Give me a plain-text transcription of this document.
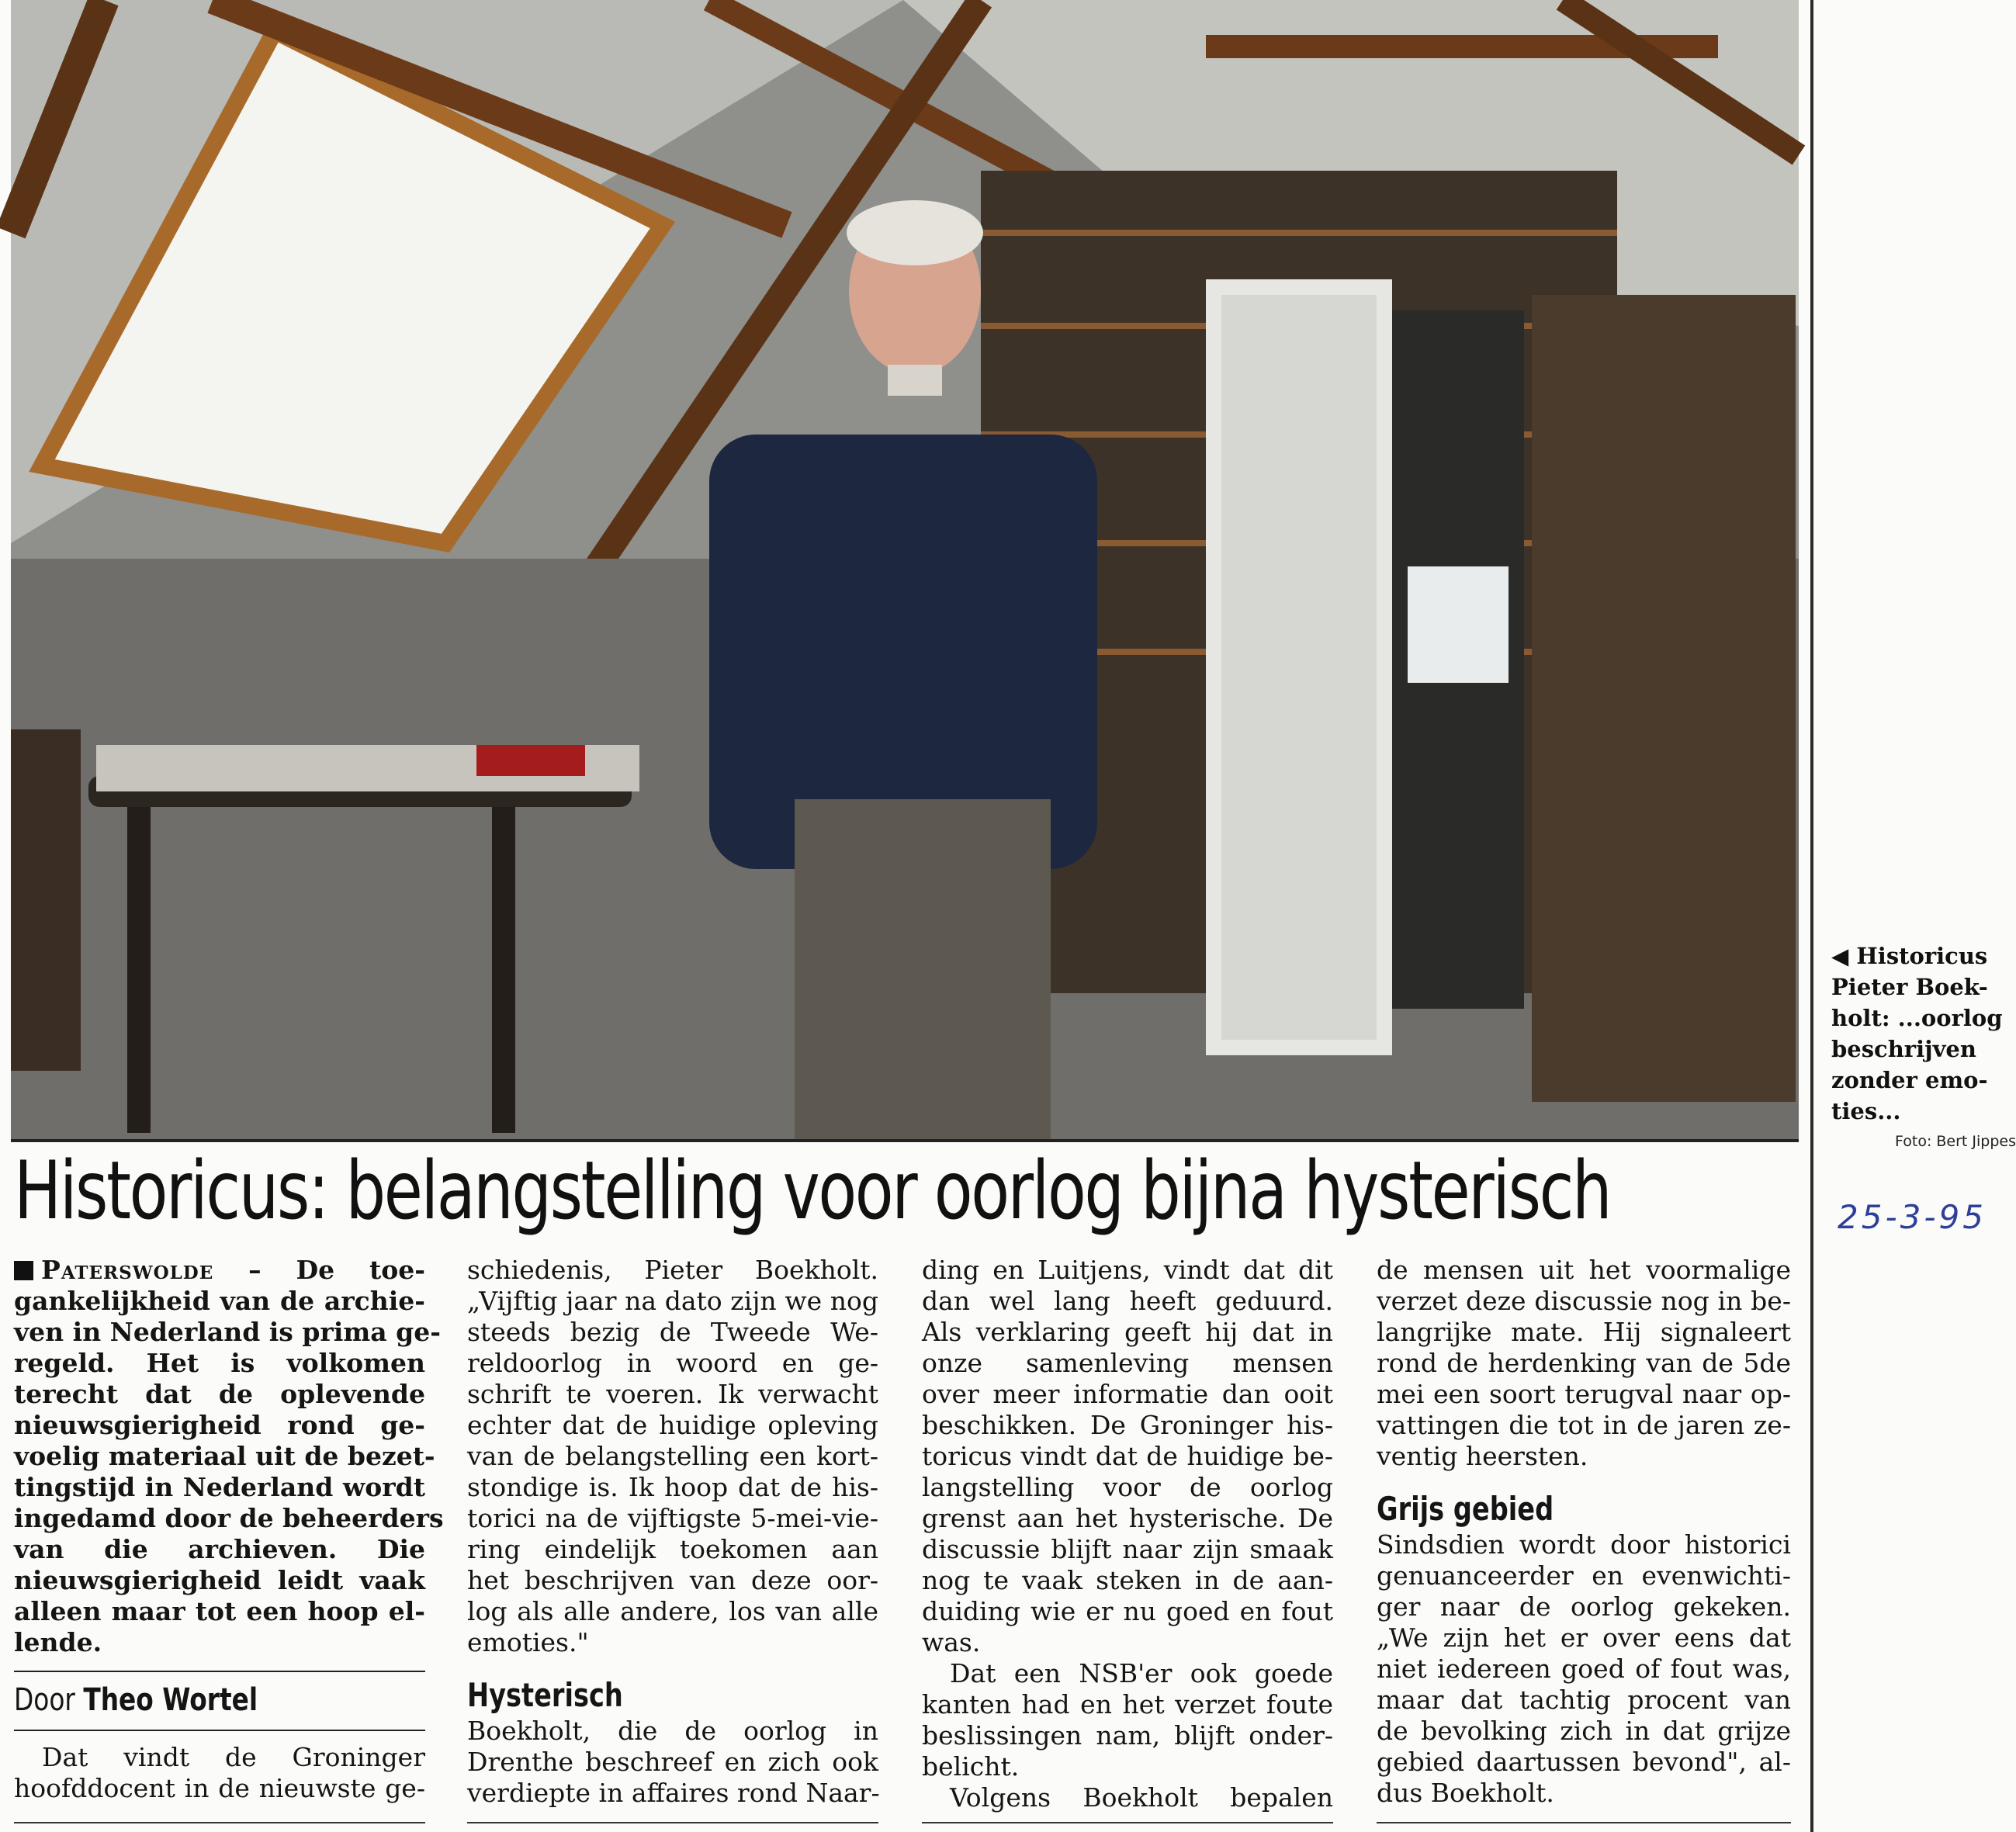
◀ Historicus
Pieter Boek-
holt: ...oorlog
beschrijven
zonder emo-
ties...
Foto: Bert Jippes
25-3-95
Historicus: belangstelling voor oorlog bijna hysterisch
Paterswolde – De toe-
gankelijkheid van de archie-
ven in Nederland is prima ge-
regeld. Het is volkomen
terecht dat de oplevende
nieuwsgierigheid rond ge-
voelig materiaal uit de bezet-
tingstijd in Nederland wordt
ingedamd door de beheerders
van die archieven. Die
nieuwsgierigheid leidt vaak
alleen maar tot een hoop el-
lende.
Door Theo Wortel
Dat vindt de Groninger
hoofddocent in de nieuwste ge-
schiedenis, Pieter Boekholt.
„Vijftig jaar na dato zijn we nog
steeds bezig de Tweede We-
reldoorlog in woord en ge-
schrift te voeren. Ik verwacht
echter dat de huidige opleving
van de belangstelling een kort-
stondige is. Ik hoop dat de his-
torici na de vijftigste 5-mei-vie-
ring eindelijk toekomen aan
het beschrijven van deze oor-
log als alle andere, los van alle
emoties."
Hysterisch
Boekholt, die de oorlog in
Drenthe beschreef en zich ook
verdiepte in affaires rond Naar-
ding en Luitjens, vindt dat dit
dan wel lang heeft geduurd.
Als verklaring geeft hij dat in
onze samenleving mensen
over meer informatie dan ooit
beschikken. De Groninger his-
toricus vindt dat de huidige be-
langstelling voor de oorlog
grenst aan het hysterische. De
discussie blijft naar zijn smaak
nog te vaak steken in de aan-
duiding wie er nu goed en fout
was.
Dat een NSB'er ook goede
kanten had en het verzet foute
beslissingen nam, blijft onder-
belicht.
Volgens Boekholt bepalen
de mensen uit het voormalige
verzet deze discussie nog in be-
langrijke mate. Hij signaleert
rond de herdenking van de 5de
mei een soort terugval naar op-
vattingen die tot in de jaren ze-
ventig heersten.
Grijs gebied
Sindsdien wordt door historici
genuanceerder en evenwichti-
ger naar de oorlog gekeken.
„We zijn het er over eens dat
niet iedereen goed of fout was,
maar dat tachtig procent van
de bevolking zich in dat grijze
gebied daartussen bevond", al-
dus Boekholt.
